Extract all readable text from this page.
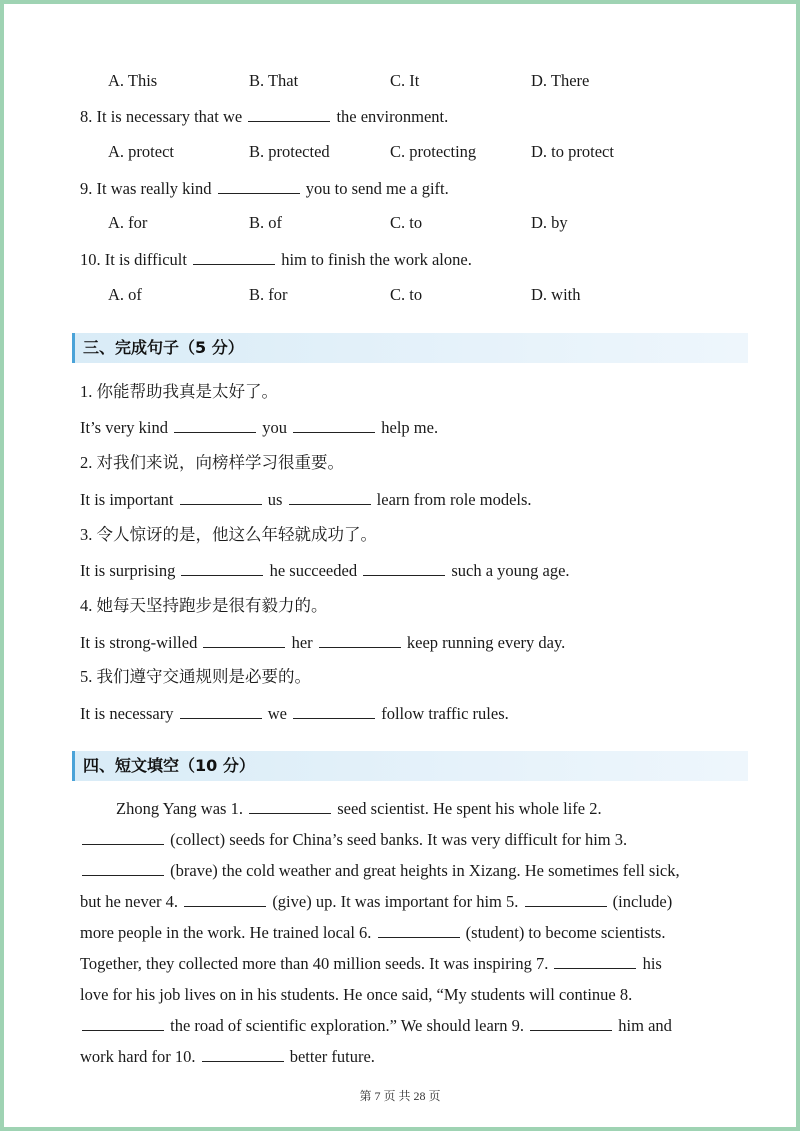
A. This	B. That	C. It	D. There
8. It is necessary that we	the environment.
A. protect	B. protected	C. protecting	D. to protect
9. It was really kind	you to send me a gift.
A. for	B. of	C. to	D. by
10. It is difficult	him to finish the work alone.
A. of	B. for	C. to	D. with
三、完成句子（5 分）
1. 你能帮助我真是太好了。
It’s very kind	you	help me.
2. 对我们来说，向榜样学习很重要。
It is important	us	learn from role models.
3. 令人惊讶的是，他这么年轻就成功了。
It is surprising	he succeeded	such a young age.
4. 她每天坚持跑步是很有毅力的。
It is strong-willed	her	keep running every day.
5. 我们遵守交通规则是必要的。
It is necessary	we	follow traffic rules.
四、短文填空（10 分）
Zhong Yang was 1.	seed scientist. He spent his whole life 2.
(collect) seeds for China’s seed banks. It was very difficult for him 3.
(brave) the cold weather and great heights in Xizang. He sometimes fell sick,
but he never 4.	(give) up. It was important for him 5.	(include)
more people in the work. He trained local 6.	(student) to become scientists.
Together, they collected more than 40 million seeds. It was inspiring 7.	his
love for his job lives on in his students. He once said, “My students will continue 8.
the road of scientific exploration.” We should learn 9.	him and
work hard for 10.	better future.
第 7 页 共 28 页
